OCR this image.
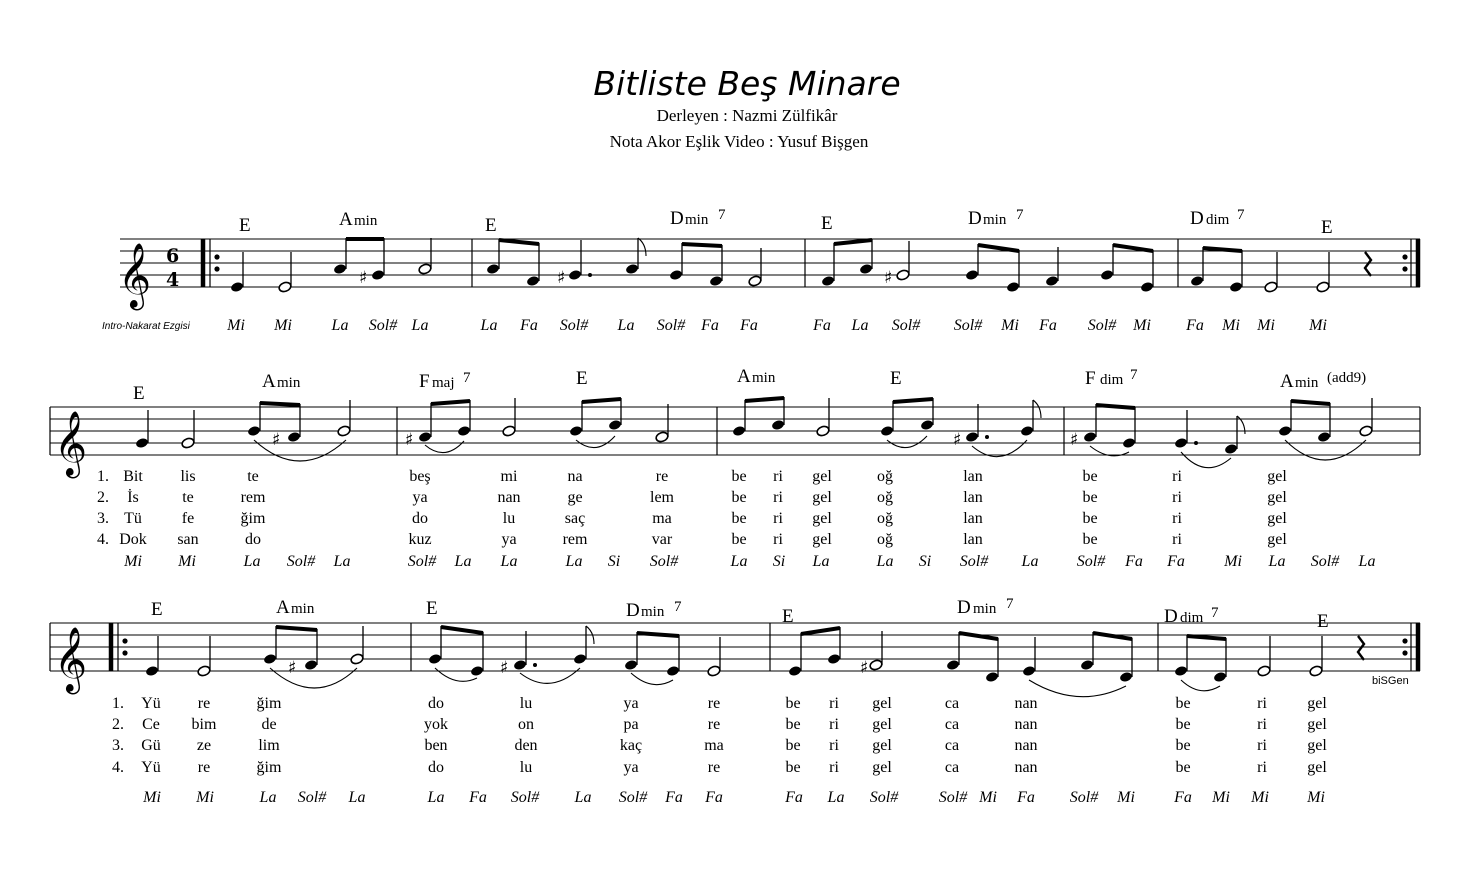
Bitliste Beş Minare
Derleyen : Nazmi Zülfikâr
Nota Akor Eşlik Video : Yusuf Bişgen
𝄞 6
4	♯	♯	♯
E	A min	E	D min 7	E	D min 7	D dim 7
E
Intro-Nakarat Ezgisi Mi Mi La Sol# La	La Fa Sol# La Sol# Fa Fa	Fa La Sol# Sol# Mi Fa Sol# Mi Fa Mi Mi Mi
𝄞	♯	♯	♯	♯
E
A min	F maj 7	E	A min	E	F dim 7	A min (add9)
1. Bit lis	te	beş	mi	na	re	be ri gel	oğ	lan	be	ri	gel
2. İs	te	rem	ya	nan	ge	lem	be ri gel	oğ	lan	be	ri	gel
3. Tü fe	ğim	do	lu	saç	ma	be ri gel	oğ	lan	be	ri	gel
4. Dok san	do	kuz	ya	rem	var	be ri gel	oğ	lan	be	ri	gel
Mi Mi	La Sol# La	Sol# La La	La Si Sol#	La Si La	La Si Sol# La Sol# Fa Fa Mi La Sol# La
𝄞	♯	♯	♯
E	A min	E	D min 7	E	D min 7
D dim 7	E
biSGen
1. Yü re	ğim	do	lu	ya	re	be ri gel	ca	nan	be	ri	gel
2. Ce bim	de	yok	on	pa	re	be ri gel	ca	nan	be	ri	gel
3. Gü ze	lim	ben	den	kaç	ma	be ri gel	ca	nan	be	ri	gel
4. Yü re	ğim	do	lu	ya	re	be ri gel	ca	nan	be	ri	gel
Mi Mi	La Sol# La	La Fa Sol# La Sol# Fa Fa	Fa La Sol#	Sol# Mi Fa Sol# Mi Fa Mi Mi Mi
